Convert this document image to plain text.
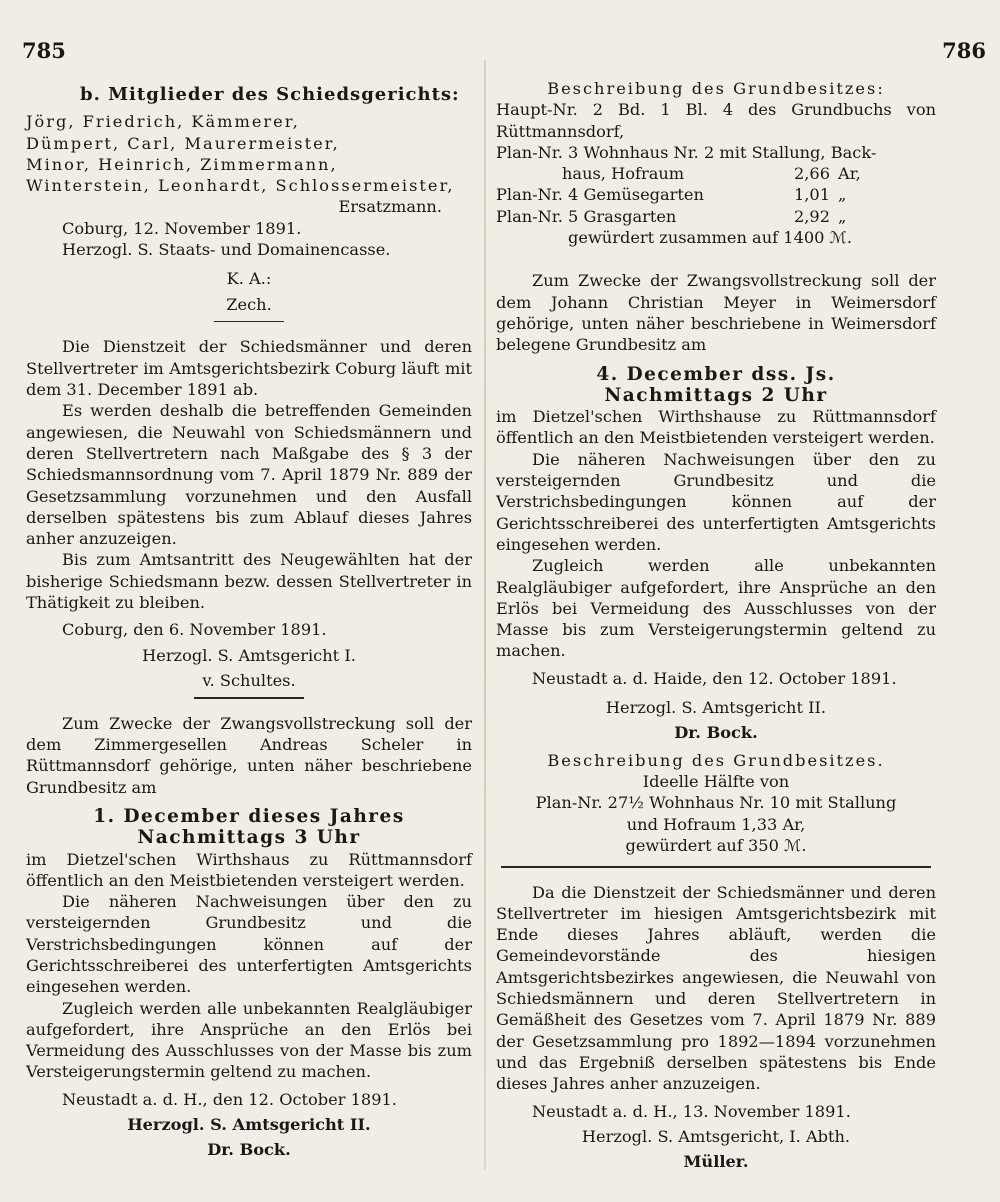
785	786

b. Mitglieder des Schiedsgerichts:

Jörg, Friedrich, Kämmerer,

Dümpert, Carl, Maurermeister,

Minor, Heinrich, Zimmermann,

Winterstein, Leonhardt, Schlossermeister,

Ersatzmann.

Coburg, 12. November 1891.

Herzogl. S. Staats- und Domainencasse.

K. A.:

Zech.

Die Dienstzeit der Schiedsmänner und deren Stellvertreter im Amtsgerichtsbezirk Coburg läuft mit dem 31. December 1891 ab.

Es werden deshalb die betreffenden Gemeinden angewiesen, die Neuwahl von Schiedsmännern und deren Stellvertretern nach Maßgabe des § 3 der Schiedsmannsordnung vom 7. April 1879 Nr. 889 der Gesetzsammlung vorzunehmen und den Ausfall derselben spätestens bis zum Ablauf dieses Jahres anher anzuzeigen.

Bis zum Amtsantritt des Neugewählten hat der bisherige Schiedsmann bezw. dessen Stellvertreter in Thätigkeit zu bleiben.

Coburg, den 6. November 1891.

Herzogl. S. Amtsgericht I.

v. Schultes.

Zum Zwecke der Zwangsvollstreckung soll der dem Zimmergesellen Andreas Scheler in Rüttmannsdorf gehörige, unten näher beschriebene Grundbesitz am

1. December dieses Jahres

Nachmittags 3 Uhr

im Dietzel'schen Wirthshaus zu Rüttmannsdorf öffentlich an den Meistbietenden versteigert werden.

Die näheren Nachweisungen über den zu versteigernden Grundbesitz und die Verstrichsbedingungen können auf der Gerichtsschreiberei des unterfertigten Amtsgerichts eingesehen werden.

Zugleich werden alle unbekannten Realgläubiger aufgefordert, ihre Ansprüche an den Erlös bei Vermeidung des Ausschlusses von der Masse bis zum Versteigerungstermin geltend zu machen.

Neustadt a. d. H., den 12. October 1891.

Herzogl. S. Amtsgericht II.

Dr. Bock.

Beschreibung des Grundbesitzes:

Haupt-Nr. 2 Bd. 1 Bl. 4 des Grundbuchs von Rüttmannsdorf,

Plan-Nr. 3 Wohnhaus Nr. 2 mit Stallung, Back-

haus, Hofraum	2,66 Ar,
Plan-Nr. 4 Gemüsegarten	1,01 „
Plan-Nr. 5 Grasgarten	2,92 „

gewürdert zusammen auf 1400 ℳ.

Zum Zwecke der Zwangsvollstreckung soll der dem Johann Christian Meyer in Weimersdorf gehörige, unten näher beschriebene in Weimersdorf belegene Grundbesitz am

4. December dss. Js.

Nachmittags 2 Uhr

im Dietzel'schen Wirthshause zu Rüttmannsdorf öffentlich an den Meistbietenden versteigert werden.

Die näheren Nachweisungen über den zu versteigernden Grundbesitz und die Verstrichsbedingungen können auf der Gerichtsschreiberei des unterfertigten Amtsgerichts eingesehen werden.

Zugleich werden alle unbekannten Realgläubiger aufgefordert, ihre Ansprüche an den Erlös bei Vermeidung des Ausschlusses von der Masse bis zum Versteigerungstermin geltend zu machen.

Neustadt a. d. Haide, den 12. October 1891.

Herzogl. S. Amtsgericht II.

Dr. Bock.

Beschreibung des Grundbesitzes.

Ideelle Hälfte von

Plan-Nr. 27½ Wohnhaus Nr. 10 mit Stallung

und Hofraum 1,33 Ar,

gewürdert auf 350 ℳ.

Da die Dienstzeit der Schiedsmänner und deren Stellvertreter im hiesigen Amtsgerichtsbezirk mit Ende dieses Jahres abläuft, werden die Gemeindevorstände des hiesigen Amtsgerichtsbezirkes angewiesen, die Neuwahl von Schiedsmännern und deren Stellvertretern in Gemäßheit des Gesetzes vom 7. April 1879 Nr. 889 der Gesetzsammlung pro 1892—1894 vorzunehmen und das Ergebniß derselben spätestens bis Ende dieses Jahres anher anzuzeigen.

Neustadt a. d. H., 13. November 1891.

Herzogl. S. Amtsgericht, I. Abth.

Müller.
